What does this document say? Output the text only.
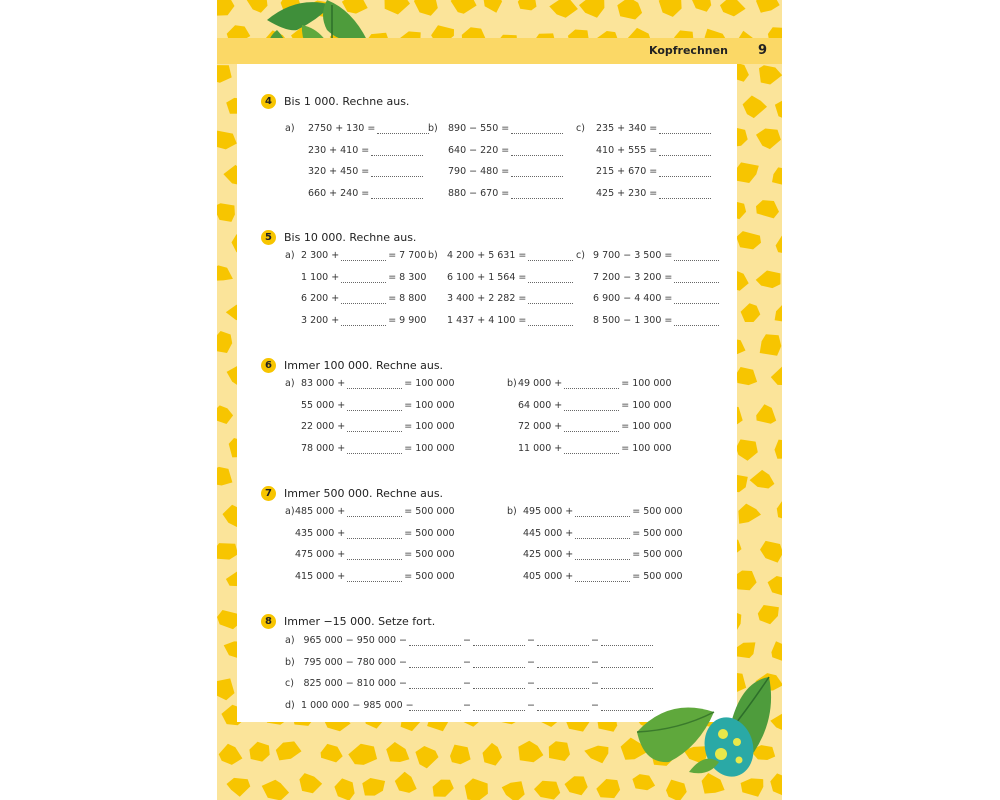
Kopfrechnen 9
4	Bis 1 000. Rechne aus.
a) 2750 + 130 =
230 + 410 =
320 + 450 =
660 + 240 =
b) 890 − 550 =
640 − 220 =
790 − 480 =
880 − 670 =
c) 235 + 340 =
410 + 555 =
215 + 670 =
425 + 230 =
5	Bis 10 000. Rechne aus.
a) 2 300 +	= 7 700
1 100 +	= 8 300
6 200 +	= 8 800
3 200 +	= 9 900
b) 4 200 + 5 631 =
6 100 + 1 564 =
3 400 + 2 282 =
1 437 + 4 100 =
c) 9 700 − 3 500 =
7 200 − 3 200 =
6 900 − 4 400 =
8 500 − 1 300 =
6	Immer 100 000. Rechne aus.
a) 83 000 +	= 100 000
55 000 +	= 100 000
22 000 +	= 100 000
78 000 +	= 100 000
b) 49 000 +	= 100 000
64 000 +	= 100 000
72 000 +	= 100 000
11 000 +	= 100 000
7	Immer 500 000. Rechne aus.
a) 485 000 +	= 500 000
435 000 +	= 500 000
475 000 +	= 500 000
415 000 +	= 500 000
b) 495 000 +	= 500 000
445 000 +	= 500 000
425 000 +	= 500 000
405 000 +	= 500 000
8	Immer −15 000. Setze fort.
a) 965 000 − 950 000 −	−	−	−
b) 795 000 − 780 000 −	−	−	−
c) 825 000 − 810 000 −	−	−	−
d) 1 000 000 − 985 000 −	−	−	−
